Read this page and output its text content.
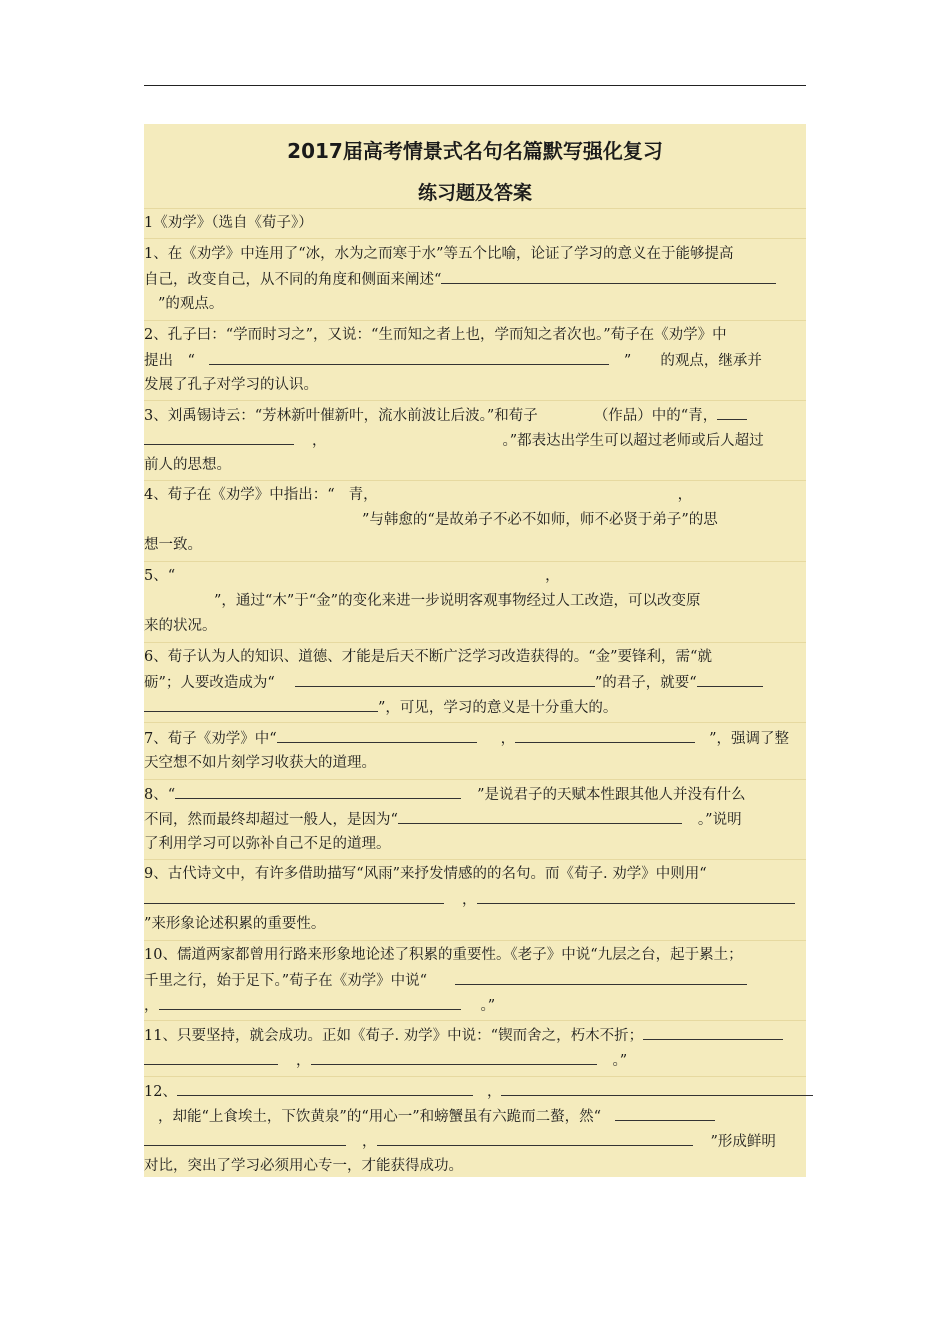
2017届高考情景式名句名篇默写强化复习
练习题及答案
1《劝学》（选自《荀子》）
1、在《劝学》中连用了“冰，水为之而寒于水”等五个比喻，论证了学习的意义在于能够提高
自己，改变自己，从不同的角度和侧面来阐述“
”的观点。
2、孔子曰：“学而时习之”，又说：“生而知之者上也，学而知之者次也。”荀子在《劝学》中
提出　“　　	”　　 的观点，继承并
发展了孔子对学习的认识。
3、刘禹锡诗云：“芳林新叶催新叶，流水前波让后波。”和荀子	（作品）中的“青，
，	。”都表达出学生可以超过老师或后人超过
前人的思想。
4、荀子在《劝学》中指出：“ 青，	，
”与韩愈的“是故弟子不必不如师，师不必贤于弟子”的思
想一致。
5、“	，
”，通过“木”于“金”的变化来进一步说明客观事物经过人工改造，可以改变原
来的状况。
6、荀子认为人的知识、道德、才能是后天不断广泛学习改造获得的。“金”要锋利，需“就
砺”；人要改造成为“	”的君子，就要“
”，可见，学习的意义是十分重大的。
7、荀子《劝学》中“	，	”，强调了整
天空想不如片刻学习收获大的道理。
8、“	”是说君子的天赋本性跟其他人并没有什么
不同，然而最终却超过一般人，是因为“	。”说明
了利用学习可以弥补自己不足的道理。
9、古代诗文中，有许多借助描写“风雨”来抒发情感的的名句。而《荀子. 劝学》中则用“
，
”来形象论述积累的重要性。
10、儒道两家都曾用行路来形象地论述了积累的重要性。《老子》中说“九层之台，起于累土；
千里之行，始于足下。”荀子在《劝学》中说“
，	。”
11、只要坚持，就会成功。正如《荀子. 劝学》中说：“锲而舍之，朽木不折；
，	。”
12、	，
，却能“上食埃土，下饮黄泉”的“用心一”和螃蟹虽有六跪而二螯，然“
，	”形成鲜明
对比，突出了学习必须用心专一，才能获得成功。
